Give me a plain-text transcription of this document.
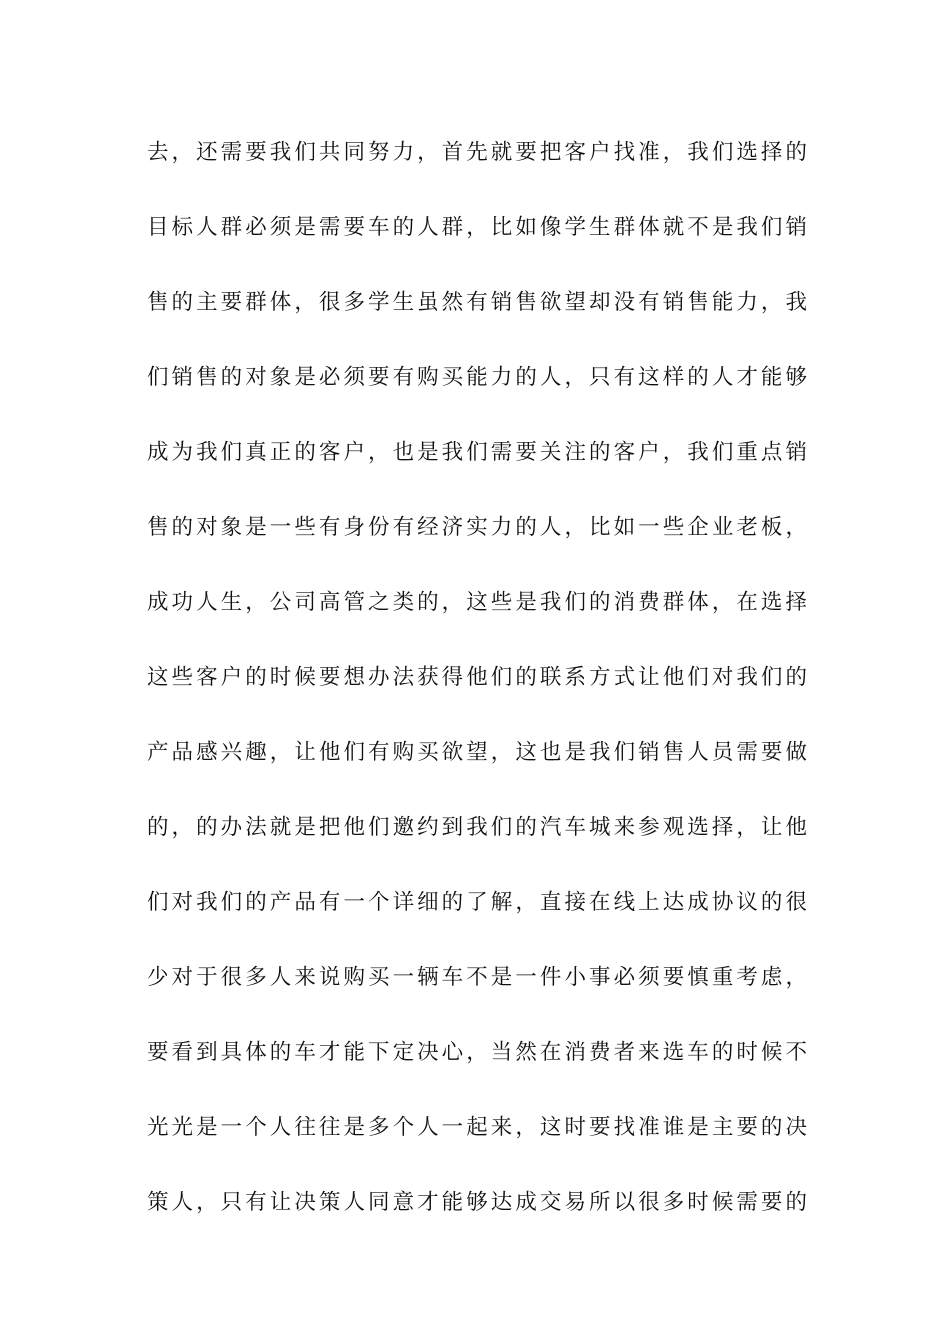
去，还需要我们共同努力，首先就要把客户找准，我们选择的
目标人群必须是需要车的人群，比如像学生群体就不是我们销
售的主要群体，很多学生虽然有销售欲望却没有销售能力，我
们销售的对象是必须要有购买能力的人，只有这样的人才能够
成为我们真正的客户，也是我们需要关注的客户，我们重点销
售的对象是一些有身份有经济实力的人，比如一些企业老板，
成功人生，公司高管之类的，这些是我们的消费群体，在选择
这些客户的时候要想办法获得他们的联系方式让他们对我们的
产品感兴趣，让他们有购买欲望，这也是我们销售人员需要做
的，的办法就是把他们邀约到我们的汽车城来参观选择，让他
们对我们的产品有一个详细的了解，直接在线上达成协议的很
少对于很多人来说购买一辆车不是一件小事必须要慎重考虑，
要看到具体的车才能下定决心，当然在消费者来选车的时候不
光光是一个人往往是多个人一起来，这时要找准谁是主要的决
策人，只有让决策人同意才能够达成交易所以很多时候需要的
